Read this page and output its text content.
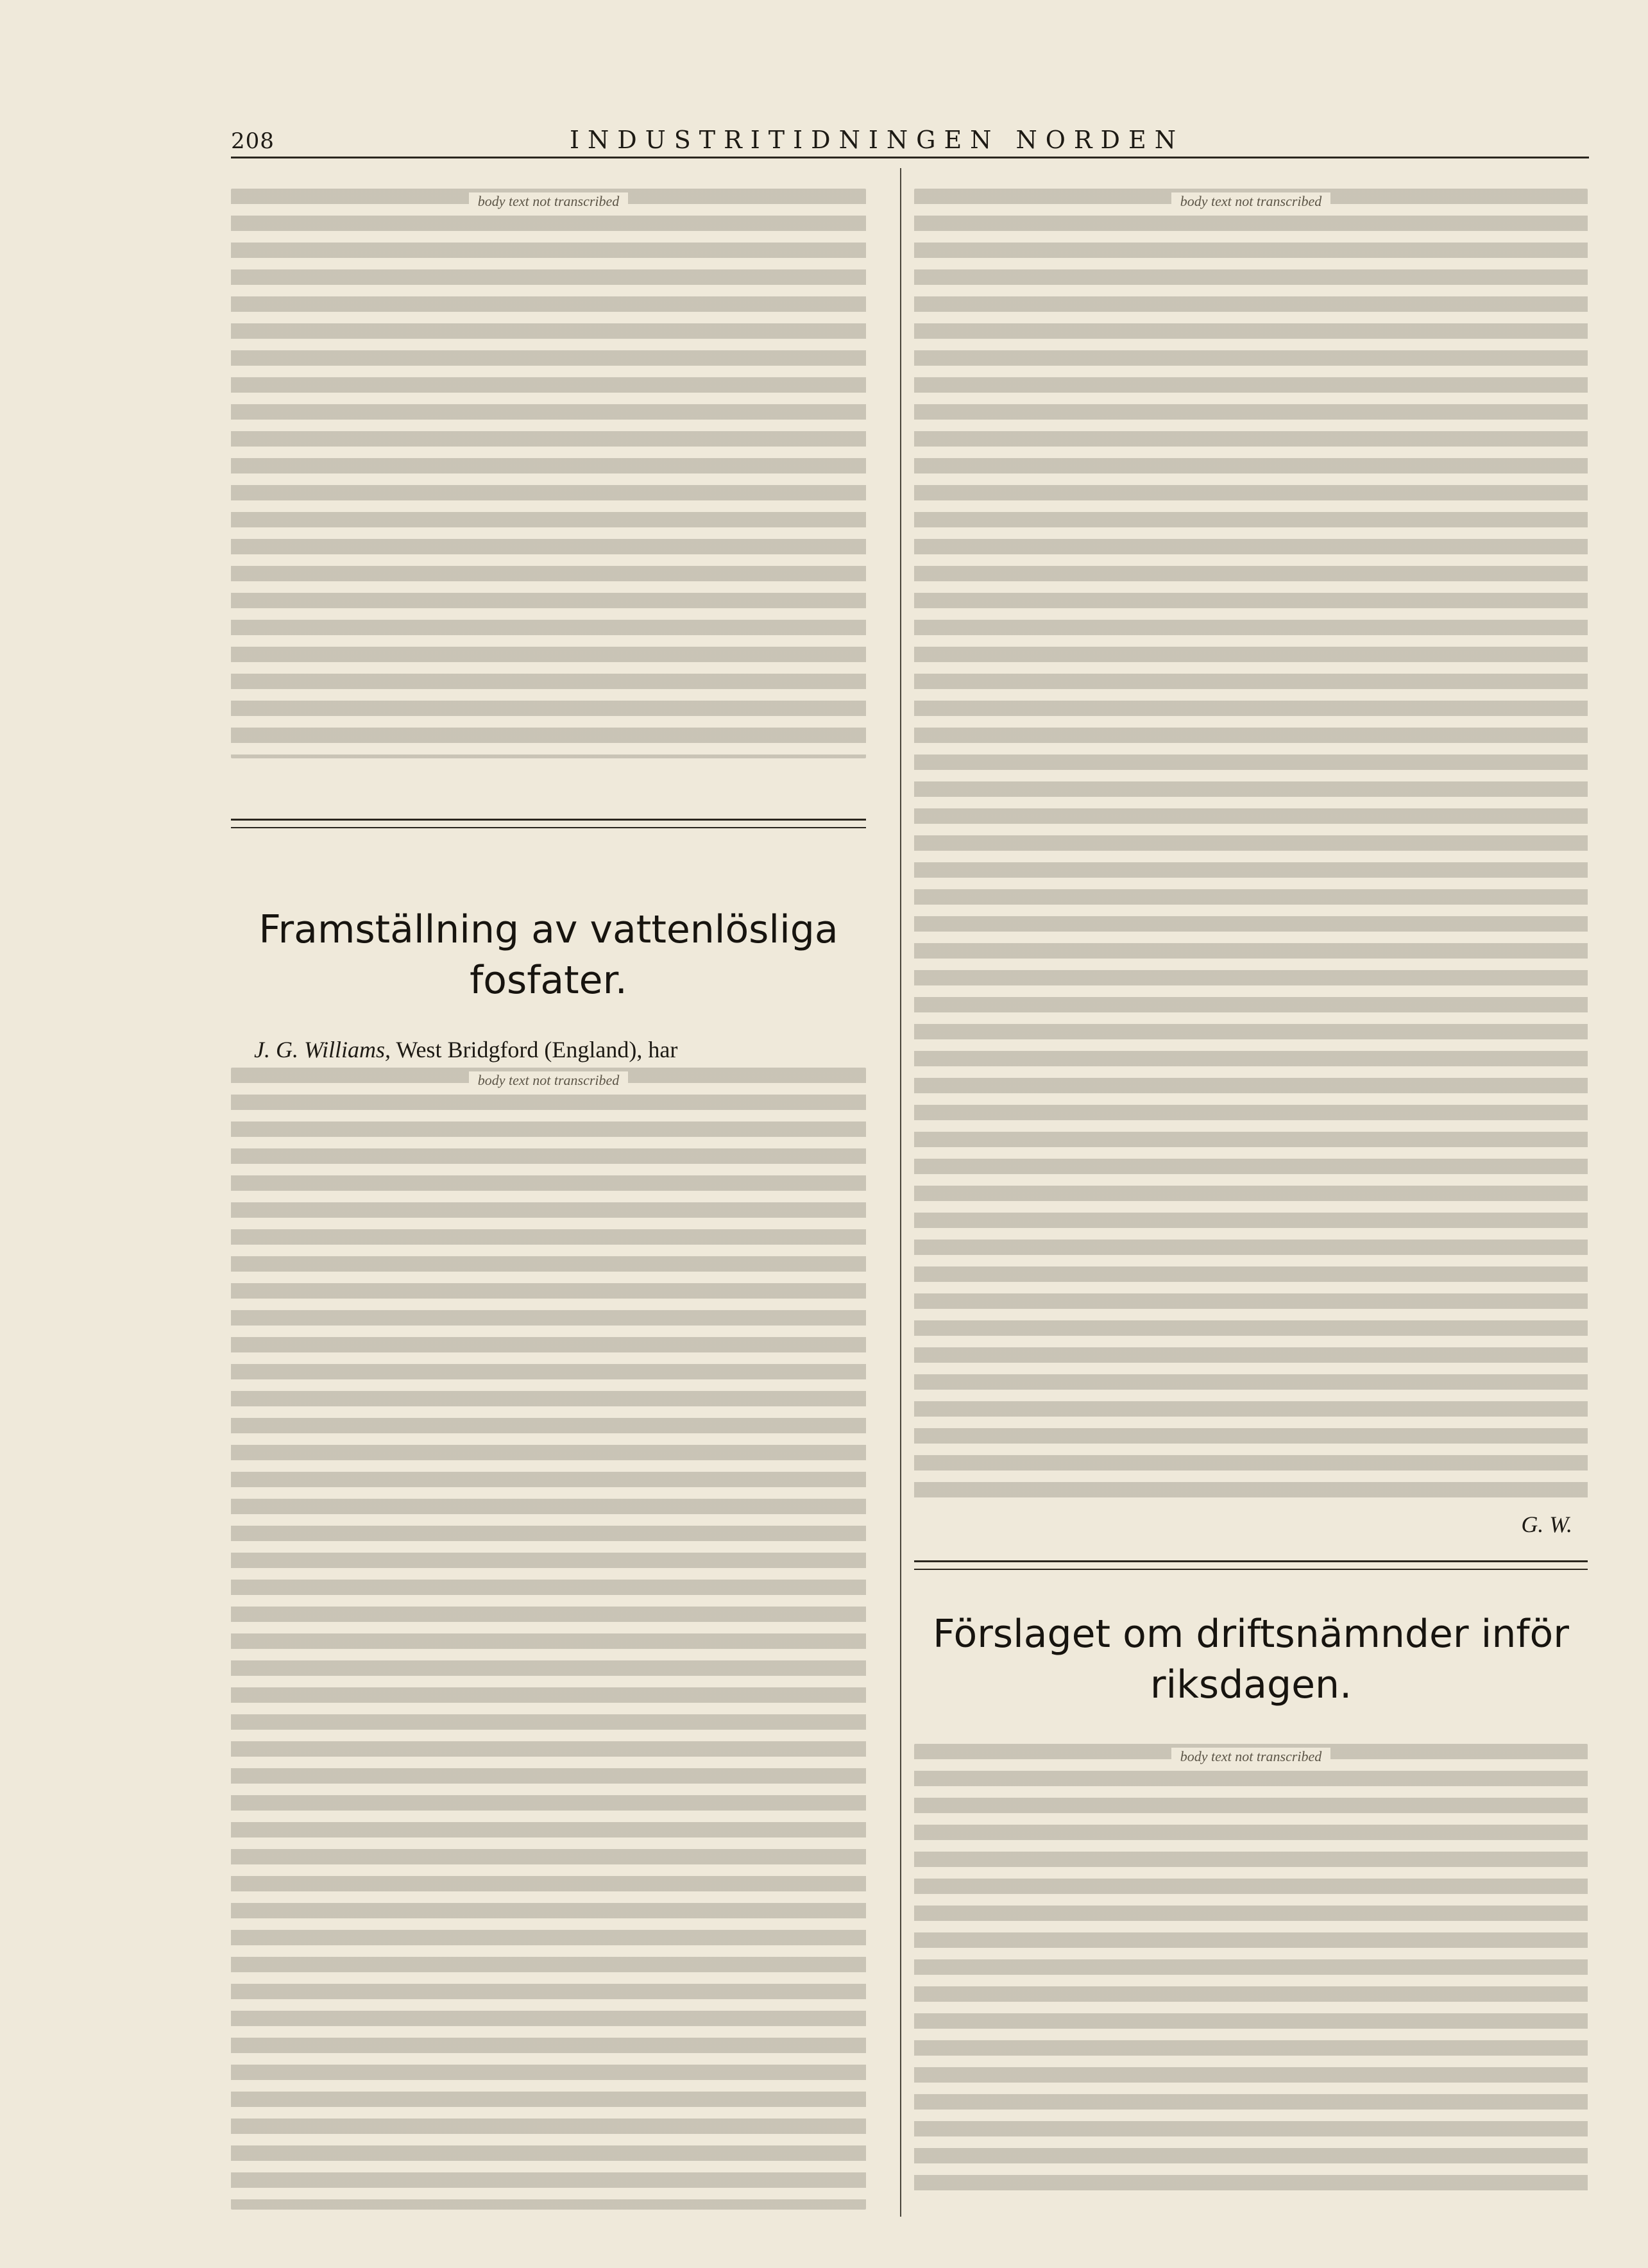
208	INDUSTRITIDNINGEN NORDEN
body text not transcribed
Framställning av vattenlösliga
fosfater.
J. G. Williams, West Bridgford (England), har
body text not transcribed
body text not transcribed
G. W.
Förslaget om driftsnämnder inför
riksdagen.
body text not transcribed
